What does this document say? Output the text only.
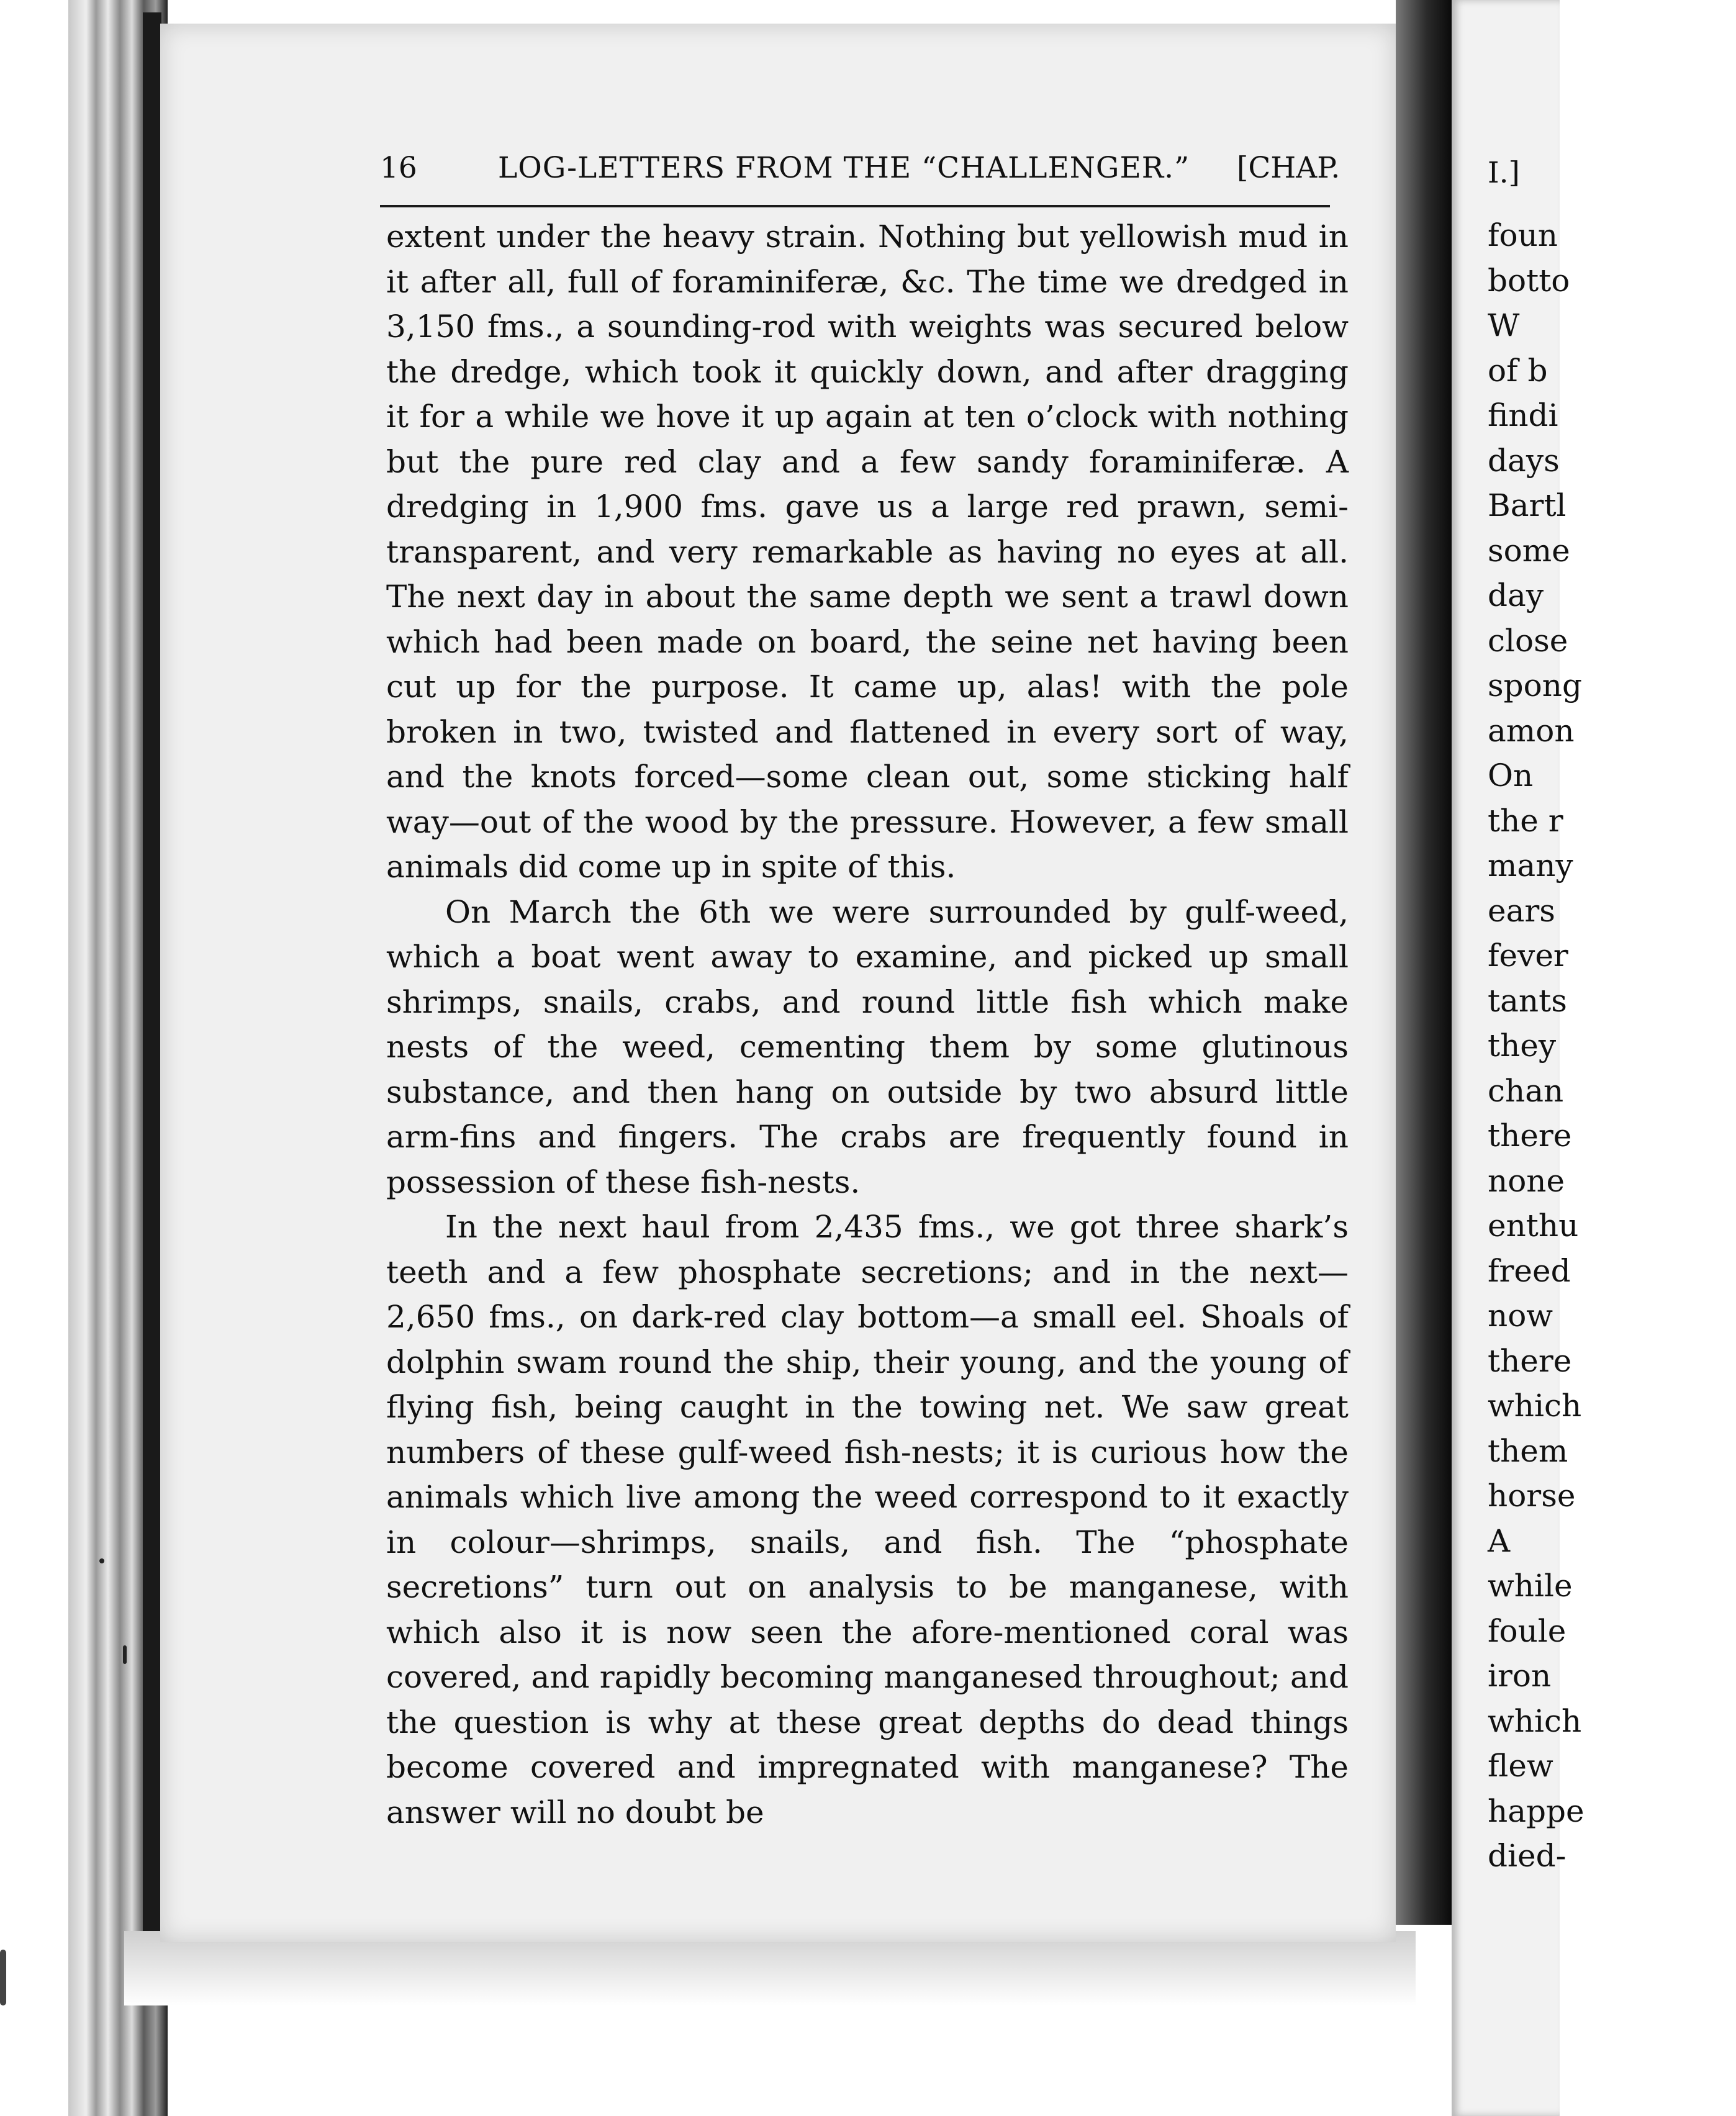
16	LOG-LETTERS FROM THE “CHALLENGER.” [CHAP.

extent under the heavy strain. Nothing but yellowish mud in it after all, full of foraminiferæ, &c. The time we dredged in 3,150 fms., a sounding-rod with weights was secured below the dredge, which took it quickly down, and after dragging it for a while we hove it up again at ten o’clock with nothing but the pure red clay and a few sandy foraminiferæ. A dredging in 1,900 fms. gave us a large red prawn, semi-transparent, and very remarkable as having no eyes at all. The next day in about the same depth we sent a trawl down which had been made on board, the seine net having been cut up for the purpose. It came up, alas! with the pole broken in two, twisted and flattened in every sort of way, and the knots forced—some clean out, some sticking half way—out of the wood by the pressure. However, a few small animals did come up in spite of this.

On March the 6th we were surrounded by gulf-weed, which a boat went away to examine, and picked up small shrimps, snails, crabs, and round little fish which make nests of the weed, cementing them by some glutinous substance, and then hang on outside by two absurd little arm-fins and fingers. The crabs are frequently found in possession of these fish-nests.

In the next haul from 2,435 fms., we got three shark’s teeth and a few phosphate secretions; and in the next— 2,650 fms., on dark-red clay bottom—a small eel. Shoals of dolphin swam round the ship, their young, and the young of flying fish, being caught in the towing net. We saw great numbers of these gulf-weed fish-nests; it is curious how the animals which live among the weed correspond to it exactly in colour—shrimps, snails, and fish. The “phosphate secretions” turn out on analysis to be manganese, with which also it is now seen the afore-mentioned coral was covered, and rapidly becoming manganesed throughout; and the question is why at these great depths do dead things become covered and impregnated with manganese? The answer will no doubt be

I.]
foun
botto
W
of b
findi
days
Bartl
some
day
close
spong
amon
On
the r
many
ears
fever
tants
they
chan
there
none
enthu
freed
now
there
which
them
horse
A
while
foule
iron
which
flew
happe
died-
